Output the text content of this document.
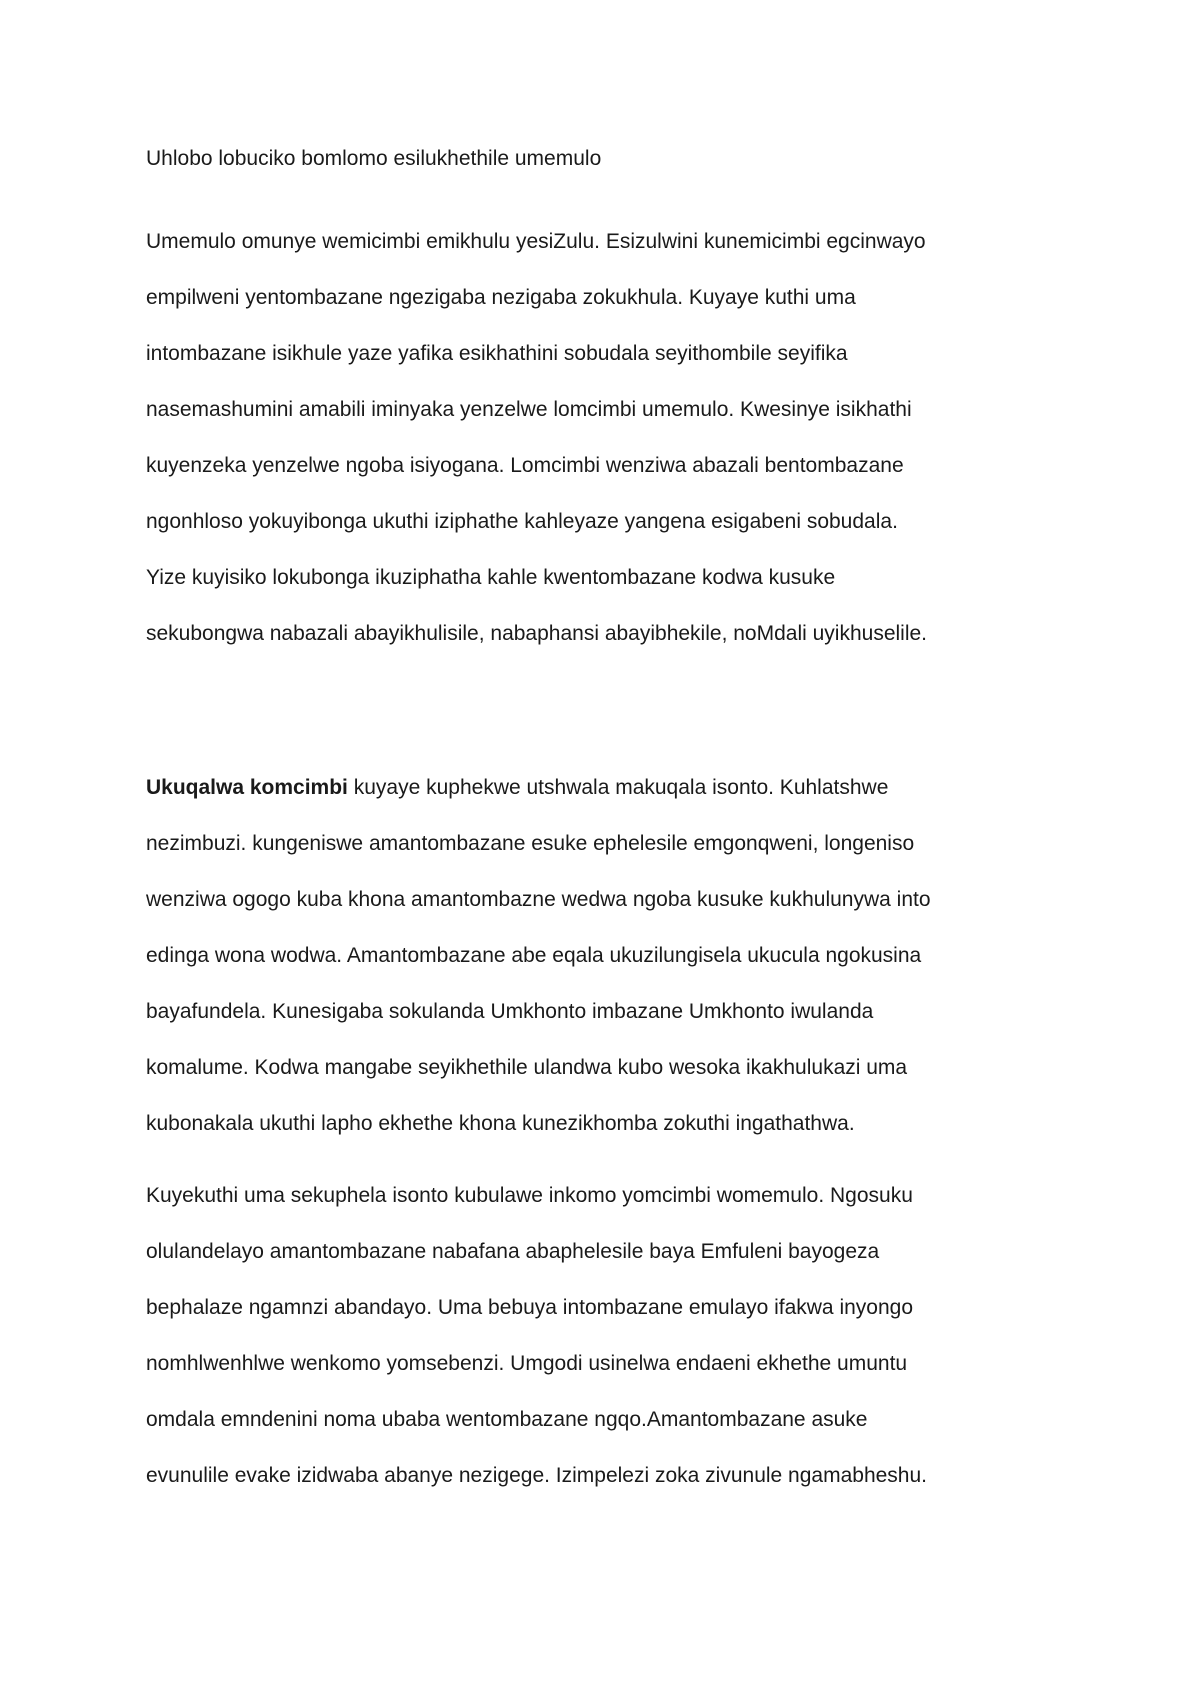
Uhlobo lobuciko bomlomo esilukhethile umemulo

Umemulo omunye wemicimbi emikhulu yesiZulu. Esizulwini kunemicimbi egcinwayo
empilweni yentombazane ngezigaba nezigaba zokukhula. Kuyaye kuthi uma
intombazane isikhule yaze yafika esikhathini sobudala seyithombile seyifika
nasemashumini amabili iminyaka yenzelwe lomcimbi umemulo. Kwesinye isikhathi
kuyenzeka yenzelwe ngoba isiyogana. Lomcimbi wenziwa abazali bentombazane
ngonhloso yokuyibonga ukuthi iziphathe kahleyaze yangena esigabeni sobudala.
Yize kuyisiko lokubonga ikuziphatha kahle kwentombazane kodwa kusuke
sekubongwa nabazali abayikhulisile, nabaphansi abayibhekile, noMdali uyikhuselile.

Ukuqalwa komcimbi kuyaye kuphekwe utshwala makuqala isonto. Kuhlatshwe
nezimbuzi. kungeniswe amantombazane esuke ephelesile emgonqweni, longeniso
wenziwa ogogo kuba khona amantombazne wedwa ngoba kusuke kukhulunywa into
edinga wona wodwa. Amantombazane abe eqala ukuzilungisela ukucula ngokusina
bayafundela. Kunesigaba sokulanda Umkhonto imbazane Umkhonto iwulanda
komalume. Kodwa mangabe seyikhethile ulandwa kubo wesoka ikakhulukazi uma
kubonakala ukuthi lapho ekhethe khona kunezikhomba zokuthi ingathathwa.

Kuyekuthi uma sekuphela isonto kubulawe inkomo yomcimbi womemulo. Ngosuku
olulandelayo amantombazane nabafana abaphelesile baya Emfuleni bayogeza
bephalaze ngamnzi abandayo. Uma bebuya intombazane emulayo ifakwa inyongo
nomhlwenhlwe wenkomo yomsebenzi. Umgodi usinelwa endaeni ekhethe umuntu
omdala emndenini noma ubaba wentombazane ngqo.Amantombazane asuke
evunulile evake izidwaba abanye nezigege. Izimpelezi zoka zivunule ngamabheshu.
